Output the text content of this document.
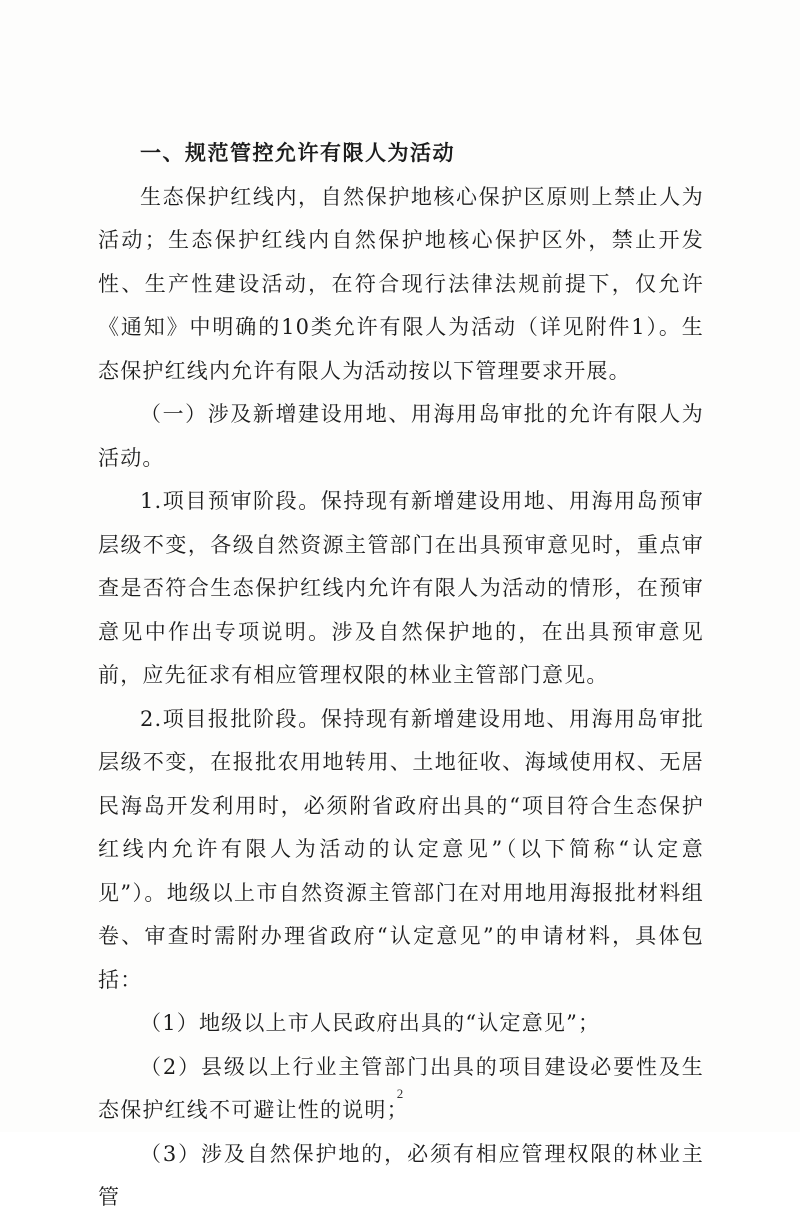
一、规范管控允许有限人为活动

生态保护红线内，自然保护地核心保护区原则上禁止人为活动；生态保护红线内自然保护地核心保护区外，禁止开发性、生产性建设活动，在符合现行法律法规前提下，仅允许《通知》中明确的10类允许有限人为活动（详见附件1）。生态保护红线内允许有限人为活动按以下管理要求开展。

（一）涉及新增建设用地、用海用岛审批的允许有限人为活动。

1.项目预审阶段。保持现有新增建设用地、用海用岛预审层级不变，各级自然资源主管部门在出具预审意见时，重点审查是否符合生态保护红线内允许有限人为活动的情形，在预审意见中作出专项说明。涉及自然保护地的，在出具预审意见前，应先征求有相应管理权限的林业主管部门意见。

2.项目报批阶段。保持现有新增建设用地、用海用岛审批层级不变，在报批农用地转用、土地征收、海域使用权、无居民海岛开发利用时，必须附省政府出具的“项目符合生态保护红线内允许有限人为活动的认定意见”（以下简称“认定意见”）。地级以上市自然资源主管部门在对用地用海报批材料组卷、审查时需附办理省政府“认定意见”的申请材料，具体包括：

（1）地级以上市人民政府出具的“认定意见”；

（2）县级以上行业主管部门出具的项目建设必要性及生态保护红线不可避让性的说明；

（3）涉及自然保护地的，必须有相应管理权限的林业主管

2
